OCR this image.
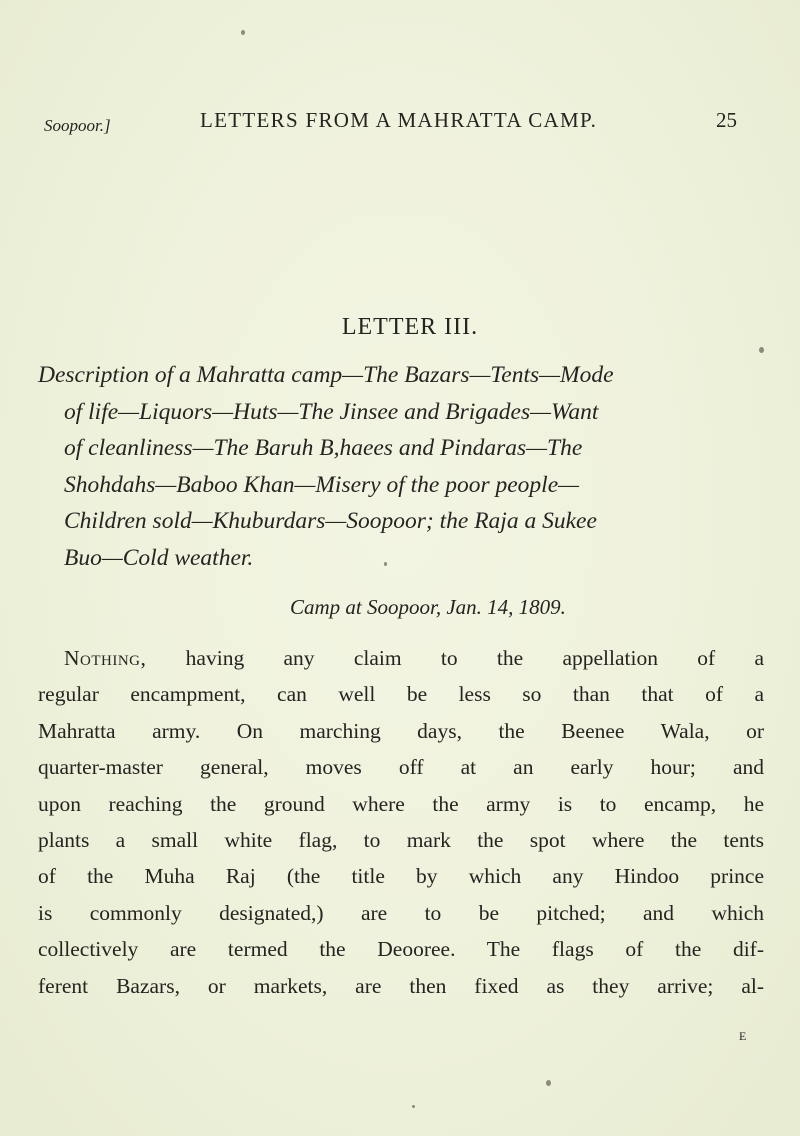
Soopoor.]	LETTERS FROM A MAHRATTA CAMP.	25
LETTER III.
Description of a Mahratta camp—The Bazars—Tents—Mode
of life—Liquors—Huts—The Jinsee and Brigades—Want
of cleanliness—The Baruh B,haees and Pindaras—The
Shohdahs—Baboo Khan—Misery of the poor people—
Children sold—Khuburdars—Soopoor; the Raja a Sukee
Buo—Cold weather.
Camp at Soopoor, Jan. 14, 1809.
Nothing, having any claim to the appellation of a
regular encampment, can well be less so than that of a
Mahratta army. On marching days, the Beenee Wala, or
quarter-master general, moves off at an early hour; and
upon reaching the ground where the army is to encamp, he
plants a small white flag, to mark the spot where the tents
of the Muha Raj (the title by which any Hindoo prince
is commonly designated,) are to be pitched; and which
collectively are termed the Deooree. The flags of the dif-
ferent Bazars, or markets, are then fixed as they arrive; al-
E
